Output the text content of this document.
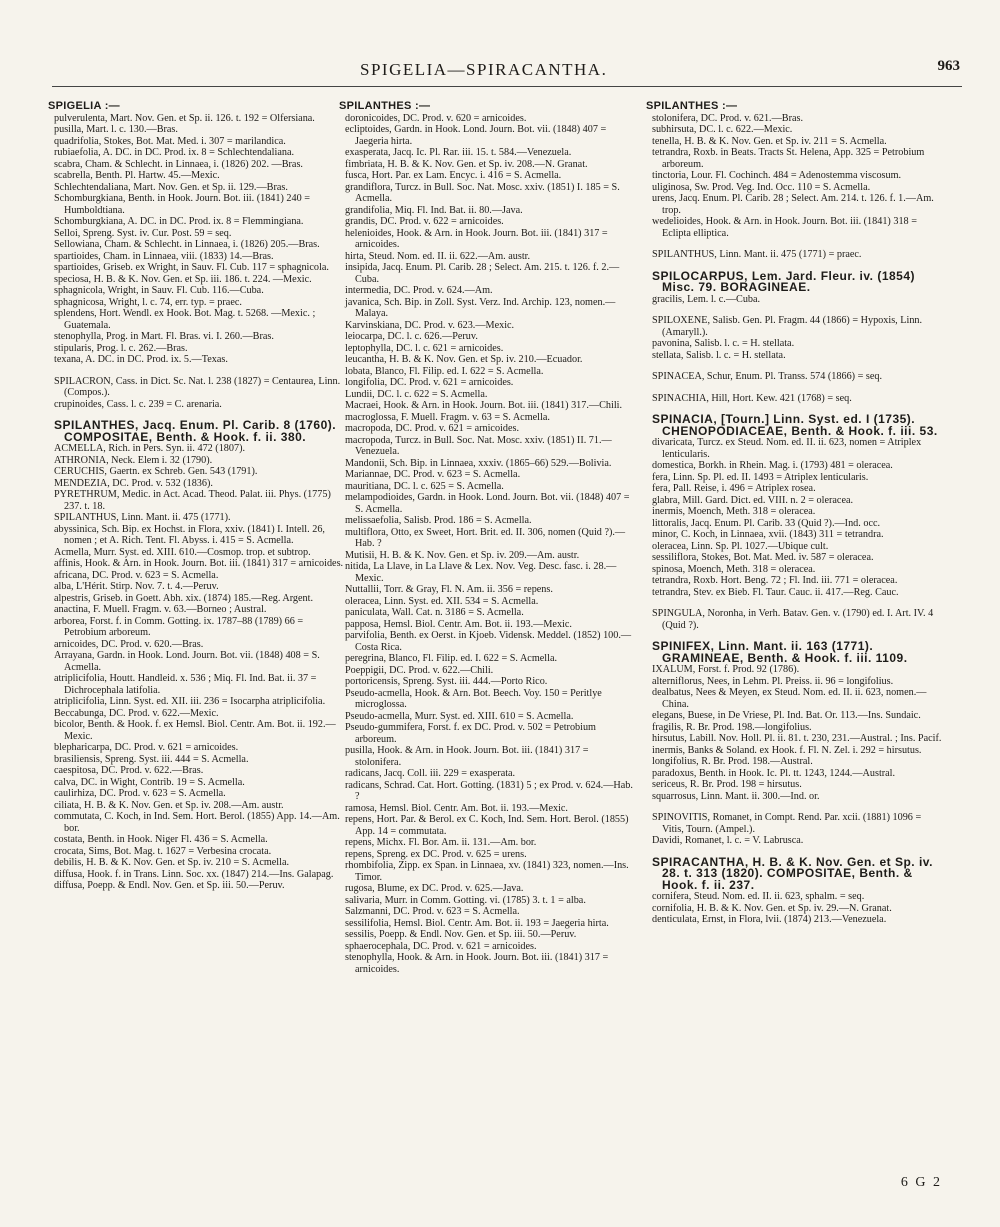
SPIGELIA—SPIRACANTHA.	963
SPIGELIA :—
pulverulenta, Mart. Nov. Gen. et Sp. ii. 126. t. 192 = Olfersiana.
pusilla, Mart. l. c. 130.—Bras.
quadrifolia, Stokes, Bot. Mat. Med. i. 307 = marilandica.
rubiaefolia, A. DC. in DC. Prod. ix. 8 = Schlechtendaliana.
scabra, Cham. & Schlecht. in Linnaea, i. (1826) 202. —Bras.
scabrella, Benth. Pl. Hartw. 45.—Mexic.
Schlechtendaliana, Mart. Nov. Gen. et Sp. ii. 129.—Bras.
Schomburgkiana, Benth. in Hook. Journ. Bot. iii. (1841) 240 = Humboldtiana.
Schomburgkiana, A. DC. in DC. Prod. ix. 8 = Flemmingiana.
Selloi, Spreng. Syst. iv. Cur. Post. 59 = seq.
Sellowiana, Cham. & Schlecht. in Linnaea, i. (1826) 205.—Bras.
spartioides, Cham. in Linnaea, viii. (1833) 14.—Bras.
spartioides, Griseb. ex Wright, in Sauv. Fl. Cub. 117 = sphagnicola.
speciosa, H. B. & K. Nov. Gen. et Sp. iii. 186. t. 224. —Mexic.
sphagnicola, Wright, in Sauv. Fl. Cub. 116.—Cuba.
sphagnicosa, Wright, l. c. 74, err. typ. = praec.
splendens, Hort. Wendl. ex Hook. Bot. Mag. t. 5268. —Mexic. ; Guatemala.
stenophylla, Prog. in Mart. Fl. Bras. vi. I. 260.—Bras.
stipularis, Prog. l. c. 262.—Bras.
texana, A. DC. in DC. Prod. ix. 5.—Texas.
SPILACRON, Cass. in Dict. Sc. Nat. l. 238 (1827) = Centaurea, Linn. (Compos.).
crupinoides, Cass. l. c. 239 = C. arenaria.
SPILANTHES, Jacq. Enum. Pl. Carib. 8 (1760). COMPOSITAE, Benth. & Hook. f. ii. 380.
ACMELLA, Rich. in Pers. Syn. ii. 472 (1807).
ATHRONIA, Neck. Elem i. 32 (1790).
CERUCHIS, Gaertn. ex Schreb. Gen. 543 (1791).
MENDEZIA, DC. Prod. v. 532 (1836).
PYRETHRUM, Medic. in Act. Acad. Theod. Palat. iii. Phys. (1775) 237. t. 18.
SPILANTHUS, Linn. Mant. ii. 475 (1771).
abyssinica, Sch. Bip. ex Hochst. in Flora, xxiv. (1841) I. Intell. 26, nomen ; et A. Rich. Tent. Fl. Abyss. i. 415 = S. Acmella.
Acmella, Murr. Syst. ed. XIII. 610.—Cosmop. trop. et subtrop.
affinis, Hook. & Arn. in Hook. Journ. Bot. iii. (1841) 317 = arnicoides.
africana, DC. Prod. v. 623 = S. Acmella.
alba, L'Hérit. Stirp. Nov. 7. t. 4.—Peruv.
alpestris, Griseb. in Goett. Abh. xix. (1874) 185.—Reg. Argent.
anactina, F. Muell. Fragm. v. 63.—Borneo ; Austral.
arborea, Forst. f. in Comm. Gotting. ix. 1787–88 (1789) 66 = Petrobium arboreum.
arnicoides, DC. Prod. v. 620.—Bras.
Arrayana, Gardn. in Hook. Lond. Journ. Bot. vii. (1848) 408 = S. Acmella.
atriplicifolia, Houtt. Handleid. x. 536 ; Miq. Fl. Ind. Bat. ii. 37 = Dichrocephala latifolia.
atriplicifolia, Linn. Syst. ed. XII. iii. 236 = Isocarpha atriplicifolia.
Beccabunga, DC. Prod. v. 622.—Mexic.
bicolor, Benth. & Hook. f. ex Hemsl. Biol. Centr. Am. Bot. ii. 192.—Mexic.
blepharicarpa, DC. Prod. v. 621 = arnicoides.
brasiliensis, Spreng. Syst. iii. 444 = S. Acmella.
caespitosa, DC. Prod. v. 622.—Bras.
calva, DC. in Wight, Contrib. 19 = S. Acmella.
caulirhiza, DC. Prod. v. 623 = S. Acmella.
ciliata, H. B. & K. Nov. Gen. et Sp. iv. 208.—Am. austr.
commutata, C. Koch, in Ind. Sem. Hort. Berol. (1855) App. 14.—Am. bor.
costata, Benth. in Hook. Niger Fl. 436 = S. Acmella.
crocata, Sims, Bot. Mag. t. 1627 = Verbesina crocata.
debilis, H. B. & K. Nov. Gen. et Sp. iv. 210 = S. Acmella.
diffusa, Hook. f. in Trans. Linn. Soc. xx. (1847) 214.—Ins. Galapag.
diffusa, Poepp. & Endl. Nov. Gen. et Sp. iii. 50.—Peruv.
SPILANTHES :—
doronicoides, DC. Prod. v. 620 = arnicoides.
ecliptoides, Gardn. in Hook. Lond. Journ. Bot. vii. (1848) 407 = Jaegeria hirta.
exasperata, Jacq. Ic. Pl. Rar. iii. 15. t. 584.—Venezuela.
fimbriata, H. B. & K. Nov. Gen. et Sp. iv. 208.—N. Granat.
fusca, Hort. Par. ex Lam. Encyc. i. 416 = S. Acmella.
grandiflora, Turcz. in Bull. Soc. Nat. Mosc. xxiv. (1851) I. 185 = S. Acmella.
grandifolia, Miq. Fl. Ind. Bat. ii. 80.—Java.
grandis, DC. Prod. v. 622 = arnicoides.
helenioides, Hook. & Arn. in Hook. Journ. Bot. iii. (1841) 317 = arnicoides.
hirta, Steud. Nom. ed. II. ii. 622.—Am. austr.
insipida, Jacq. Enum. Pl. Carib. 28 ; Select. Am. 215. t. 126. f. 2.—Cuba.
intermedia, DC. Prod. v. 624.—Am.
javanica, Sch. Bip. in Zoll. Syst. Verz. Ind. Archip. 123, nomen.—Malaya.
Karvinskiana, DC. Prod. v. 623.—Mexic.
leiocarpa, DC. l. c. 626.—Peruv.
leptophylla, DC. l. c. 621 = arnicoides.
leucantha, H. B. & K. Nov. Gen. et Sp. iv. 210.—Ecuador.
lobata, Blanco, Fl. Filip. ed. I. 622 = S. Acmella.
longifolia, DC. Prod. v. 621 = arnicoides.
Lundii, DC. l. c. 622 = S. Acmella.
Macraei, Hook. & Arn. in Hook. Journ. Bot. iii. (1841) 317.—Chili.
macroglossa, F. Muell. Fragm. v. 63 = S. Acmella.
macropoda, DC. Prod. v. 621 = arnicoides.
macropoda, Turcz. in Bull. Soc. Nat. Mosc. xxiv. (1851) II. 71.—Venezuela.
Mandonii, Sch. Bip. in Linnaea, xxxiv. (1865–66) 529.—Bolivia.
Mariannae, DC. Prod. v. 623 = S. Acmella.
mauritiana, DC. l. c. 625 = S. Acmella.
melampodioides, Gardn. in Hook. Lond. Journ. Bot. vii. (1848) 407 = S. Acmella.
melissaefolia, Salisb. Prod. 186 = S. Acmella.
multiflora, Otto, ex Sweet, Hort. Brit. ed. II. 306, nomen (Quid ?).—Hab. ?
Mutisii, H. B. & K. Nov. Gen. et Sp. iv. 209.—Am. austr.
nitida, La Llave, in La Llave & Lex. Nov. Veg. Desc. fasc. i. 28.—Mexic.
Nuttallii, Torr. & Gray, Fl. N. Am. ii. 356 = repens.
oleracea, Linn. Syst. ed. XII. 534 = S. Acmella.
paniculata, Wall. Cat. n. 3186 = S. Acmella.
papposa, Hemsl. Biol. Centr. Am. Bot. ii. 193.—Mexic.
parvifolia, Benth. ex Oerst. in Kjoeb. Vidensk. Meddel. (1852) 100.—Costa Rica.
peregrina, Blanco, Fl. Filip. ed. I. 622 = S. Acmella.
Poeppigii, DC. Prod. v. 622.—Chili.
portoricensis, Spreng. Syst. iii. 444.—Porto Rico.
Pseudo-acmella, Hook. & Arn. Bot. Beech. Voy. 150 = Peritlye microglossa.
Pseudo-acmella, Murr. Syst. ed. XIII. 610 = S. Acmella.
Pseudo-gummifera, Forst. f. ex DC. Prod. v. 502 = Petrobium arboreum.
pusilla, Hook. & Arn. in Hook. Journ. Bot. iii. (1841) 317 = stolonifera.
radicans, Jacq. Coll. iii. 229 = exasperata.
radicans, Schrad. Cat. Hort. Gotting. (1831) 5 ; ex Prod. v. 624.—Hab. ?
ramosa, Hemsl. Biol. Centr. Am. Bot. ii. 193.—Mexic.
repens, Hort. Par. & Berol. ex C. Koch, Ind. Sem. Hort. Berol. (1855) App. 14 = commutata.
repens, Michx. Fl. Bor. Am. ii. 131.—Am. bor.
repens, Spreng. ex DC. Prod. v. 625 = urens.
rhombifolia, Zipp. ex Span. in Linnaea, xv. (1841) 323, nomen.—Ins. Timor.
rugosa, Blume, ex DC. Prod. v. 625.—Java.
salivaria, Murr. in Comm. Gotting. vi. (1785) 3. t. 1 = alba.
Salzmanni, DC. Prod. v. 623 = S. Acmella.
sessilifolia, Hemsl. Biol. Centr. Am. Bot. ii. 193 = Jaegeria hirta.
sessilis, Poepp. & Endl. Nov. Gen. et Sp. iii. 50.—Peruv.
sphaerocephala, DC. Prod. v. 621 = arnicoides.
stenophylla, Hook. & Arn. in Hook. Journ. Bot. iii. (1841) 317 = arnicoides.
SPILANTHES :—
stolonifera, DC. Prod. v. 621.—Bras.
subhirsuta, DC. l. c. 622.—Mexic.
tenella, H. B. & K. Nov. Gen. et Sp. iv. 211 = S. Acmella.
tetrandra, Roxb. in Beats. Tracts St. Helena, App. 325 = Petrobium arboreum.
tinctoria, Lour. Fl. Cochinch. 484 = Adenostemma viscosum.
uliginosa, Sw. Prod. Veg. Ind. Occ. 110 = S. Acmella.
urens, Jacq. Enum. Pl. Carib. 28 ; Select. Am. 214. t. 126. f. 1.—Am. trop.
wedelioides, Hook. & Arn. in Hook. Journ. Bot. iii. (1841) 318 = Eclipta elliptica.
SPILANTHUS, Linn. Mant. ii. 475 (1771) = praec.
SPILOCARPUS, Lem. Jard. Fleur. iv. (1854) Misc. 79. BORAGINEAE.
gracilis, Lem. l. c.—Cuba.
SPILOXENE, Salisb. Gen. Pl. Fragm. 44 (1866) = Hypoxis, Linn. (Amaryll.).
pavonina, Salisb. l. c. = H. stellata.
stellata, Salisb. l. c. = H. stellata.
SPINACEA, Schur, Enum. Pl. Transs. 574 (1866) = seq.
SPINACHIA, Hill, Hort. Kew. 421 (1768) = seq.
SPINACIA, [Tourn.] Linn. Syst. ed. I (1735). CHENOPODIACEAE, Benth. & Hook. f. iii. 53.
divaricata, Turcz. ex Steud. Nom. ed. II. ii. 623, nomen = Atriplex lenticularis.
domestica, Borkh. in Rhein. Mag. i. (1793) 481 = oleracea.
fera, Linn. Sp. Pl. ed. II. 1493 = Atriplex lenticularis.
fera, Pall. Reise, i. 496 = Atriplex rosea.
glabra, Mill. Gard. Dict. ed. VIII. n. 2 = oleracea.
inermis, Moench, Meth. 318 = oleracea.
littoralis, Jacq. Enum. Pl. Carib. 33 (Quid ?).—Ind. occ.
minor, C. Koch, in Linnaea, xvii. (1843) 311 = tetrandra.
oleracea, Linn. Sp. Pl. 1027.—Ubique cult.
sessiliflora, Stokes, Bot. Mat. Med. iv. 587 = oleracea.
spinosa, Moench, Meth. 318 = oleracea.
tetrandra, Roxb. Hort. Beng. 72 ; Fl. Ind. iii. 771 = oleracea.
tetrandra, Stev. ex Bieb. Fl. Taur. Cauc. ii. 417.—Reg. Cauc.
SPINGULA, Noronha, in Verh. Batav. Gen. v. (1790) ed. I. Art. IV. 4 (Quid ?).
SPINIFEX, Linn. Mant. ii. 163 (1771). GRAMINEAE, Benth. & Hook. f. iii. 1109.
IXALUM, Forst. f. Prod. 92 (1786).
alterniflorus, Nees, in Lehm. Pl. Preiss. ii. 96 = longifolius.
dealbatus, Nees & Meyen, ex Steud. Nom. ed. II. ii. 623, nomen.—China.
elegans, Buese, in De Vriese, Pl. Ind. Bat. Or. 113.—Ins. Sundaic.
fragilis, R. Br. Prod. 198.—longifolius.
hirsutus, Labill. Nov. Holl. Pl. ii. 81. t. 230, 231.—Austral. ; Ins. Pacif.
inermis, Banks & Soland. ex Hook. f. Fl. N. Zel. i. 292 = hirsutus.
longifolius, R. Br. Prod. 198.—Austral.
paradoxus, Benth. in Hook. Ic. Pl. tt. 1243, 1244.—Austral.
sericeus, R. Br. Prod. 198 = hirsutus.
squarrosus, Linn. Mant. ii. 300.—Ind. or.
SPINOVITIS, Romanet, in Compt. Rend. Par. xcii. (1881) 1096 = Vitis, Tourn. (Ampel.).
Davidi, Romanet, l. c. = V. Labrusca.
SPIRACANTHA, H. B. & K. Nov. Gen. et Sp. iv. 28. t. 313 (1820). COMPOSITAE, Benth. & Hook. f. ii. 237.
cornifera, Steud. Nom. ed. II. ii. 623, sphalm. = seq.
cornifolia, H. B. & K. Nov. Gen. et Sp. iv. 29.—N. Granat.
denticulata, Ernst, in Flora, lvii. (1874) 213.—Venezuela.
6 G 2
